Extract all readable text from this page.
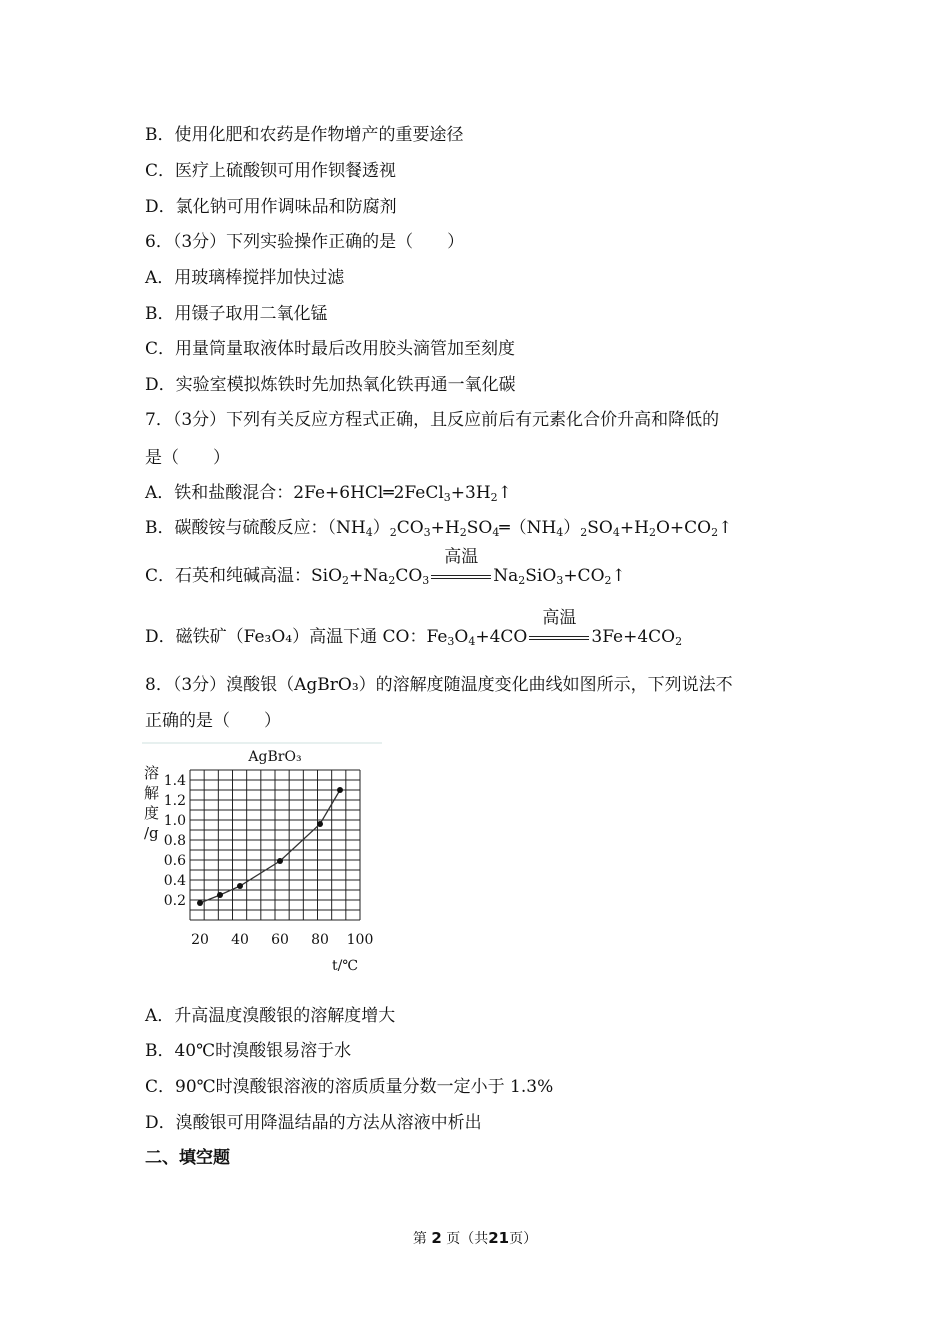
B．使用化肥和农药是作物增产的重要途径
C．医疗上硫酸钡可用作钡餐透视
D．氯化钠可用作调味品和防腐剂
6．（3分）下列实验操作正确的是（　　）
A．用玻璃棒搅拌加快过滤
B．用镊子取用二氧化锰
C．用量筒量取液体时最后改用胶头滴管加至刻度
D．实验室模拟炼铁时先加热氧化铁再通一氧化碳
7．（3分）下列有关反应方程式正确，且反应前后有元素化合价升高和降低的
是（　　）
A．铁和盐酸混合：$2Fe+6HCl═2FeCl_3+3H_2↑$
B．碳酸铵与硫酸反应：$(NH_4)_2CO_3+H_2SO_4═(NH_4)_2SO_4+H_2O+CO_2↑$
C．石英和纯碱高温：$SiO_2+Na_2CO_3$
高温
$Na_2SiO_3+CO_2↑$
D．磁铁矿（Fe₃O₄）高温下通 CO：$Fe_3O_4+4CO$
高温
$3Fe+4CO_2$
8．（3分）溴酸银（AgBrO₃）的溶解度随温度变化曲线如图所示，下列说法不
正确的是（　　）
AgBrO₃
0.2
0.4
0.6
0.8
1.0
1.2
1.4
20 40 60 80 100
溶
解
度
/g
t/℃
A．升高温度溴酸银的溶解度增大
B．40℃时溴酸银易溶于水
C．90℃时溴酸银溶液的溶质质量分数一定小于 1.3%
D．溴酸银可用降温结晶的方法从溶液中析出
二、填空题
第 2 页（共21页）
